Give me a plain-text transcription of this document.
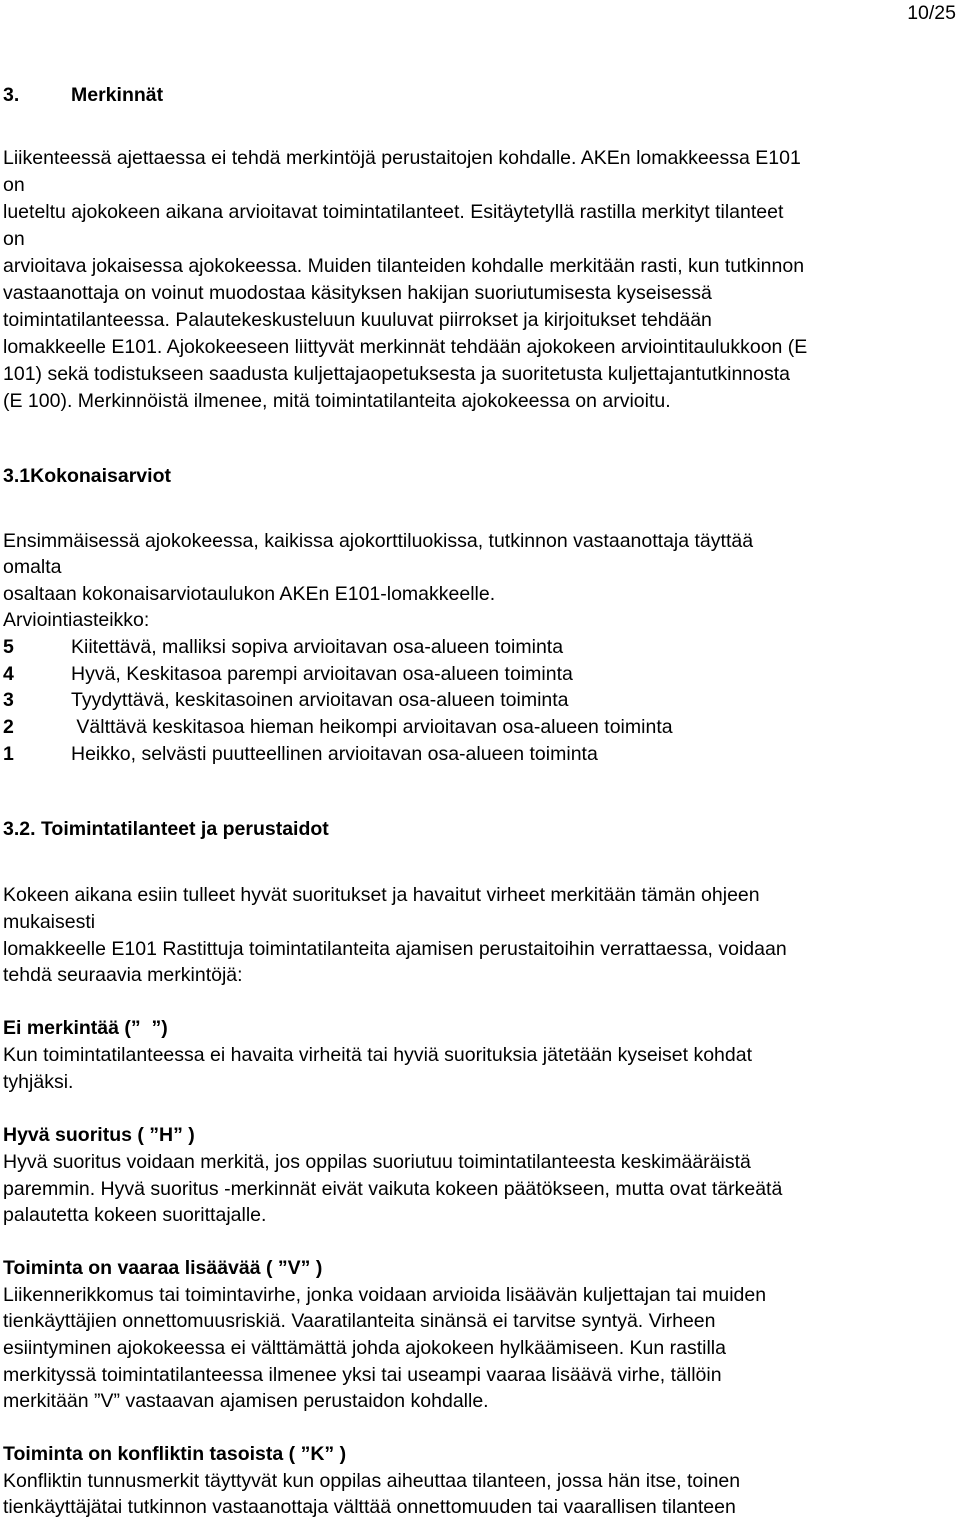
10/25
3.	Merkinnät
Liikenteessä ajettaessa ei tehdä merkintöjä perustaitojen kohdalle. AKEn lomakkeessa E101
on
lueteltu ajokokeen aikana arvioitavat toimintatilanteet. Esitäytetyllä rastilla merkityt tilanteet
on
arvioitava jokaisessa ajokokeessa. Muiden tilanteiden kohdalle merkitään rasti, kun tutkinnon
vastaanottaja on voinut muodostaa käsityksen hakijan suoriutumisesta kyseisessä
toimintatilanteessa. Palautekeskusteluun kuuluvat piirrokset ja kirjoitukset tehdään
lomakkeelle E101. Ajokokeeseen liittyvät merkinnät tehdään ajokokeen arviointitaulukkoon (E
101) sekä todistukseen saadusta kuljettajaopetuksesta ja suoritetusta kuljettajantutkinnosta
(E 100). Merkinnöistä ilmenee, mitä toimintatilanteita ajokokeessa on arvioitu.
3.1Kokonaisarviot
Ensimmäisessä ajokokeessa, kaikissa ajokorttiluokissa, tutkinnon vastaanottaja täyttää
omalta
osaltaan kokonaisarviotaulukon AKEn E101-lomakkeelle.
Arviointiasteikko:
5	Kiitettävä, malliksi sopiva arvioitavan osa-alueen toiminta
4	Hyvä, Keskitasoa parempi arvioitavan osa-alueen toiminta
3	Tyydyttävä, keskitasoinen arvioitavan osa-alueen toiminta
2	Välttävä keskitasoa hieman heikompi arvioitavan osa-alueen toiminta
1	Heikko, selvästi puutteellinen arvioitavan osa-alueen toiminta
3.2. Toimintatilanteet ja perustaidot
Kokeen aikana esiin tulleet hyvät suoritukset ja havaitut virheet merkitään tämän ohjeen
mukaisesti
lomakkeelle E101 Rastittuja toimintatilanteita ajamisen perustaitoihin verrattaessa, voidaan
tehdä seuraavia merkintöjä:
Ei merkintää (”  ”)
Kun toimintatilanteessa ei havaita virheitä tai hyviä suorituksia jätetään kyseiset kohdat
tyhjäksi.
Hyvä suoritus ( ”H” )
Hyvä suoritus voidaan merkitä, jos oppilas suoriutuu toimintatilanteesta keskimääräistä
paremmin. Hyvä suoritus -merkinnät eivät vaikuta kokeen päätökseen, mutta ovat tärkeätä
palautetta kokeen suorittajalle.
Toiminta on vaaraa lisäävää ( ”V” )
Liikennerikkomus tai toimintavirhe, jonka voidaan arvioida lisäävän kuljettajan tai muiden
tienkäyttäjien onnettomuusriskiä. Vaaratilanteita sinänsä ei tarvitse syntyä. Virheen
esiintyminen ajokokeessa ei välttämättä johda ajokokeen hylkäämiseen. Kun rastilla
merkityssä toimintatilanteessa ilmenee yksi tai useampi vaaraa lisäävä virhe, tällöin
merkitään ”V” vastaavan ajamisen perustaidon kohdalle.
Toiminta on konfliktin tasoista ( ”K” )
Konfliktin tunnusmerkit täyttyvät kun oppilas aiheuttaa tilanteen, jossa hän itse, toinen
tienkäyttäjätai tutkinnon vastaanottaja välttää onnettomuuden tai vaarallisen tilanteen
